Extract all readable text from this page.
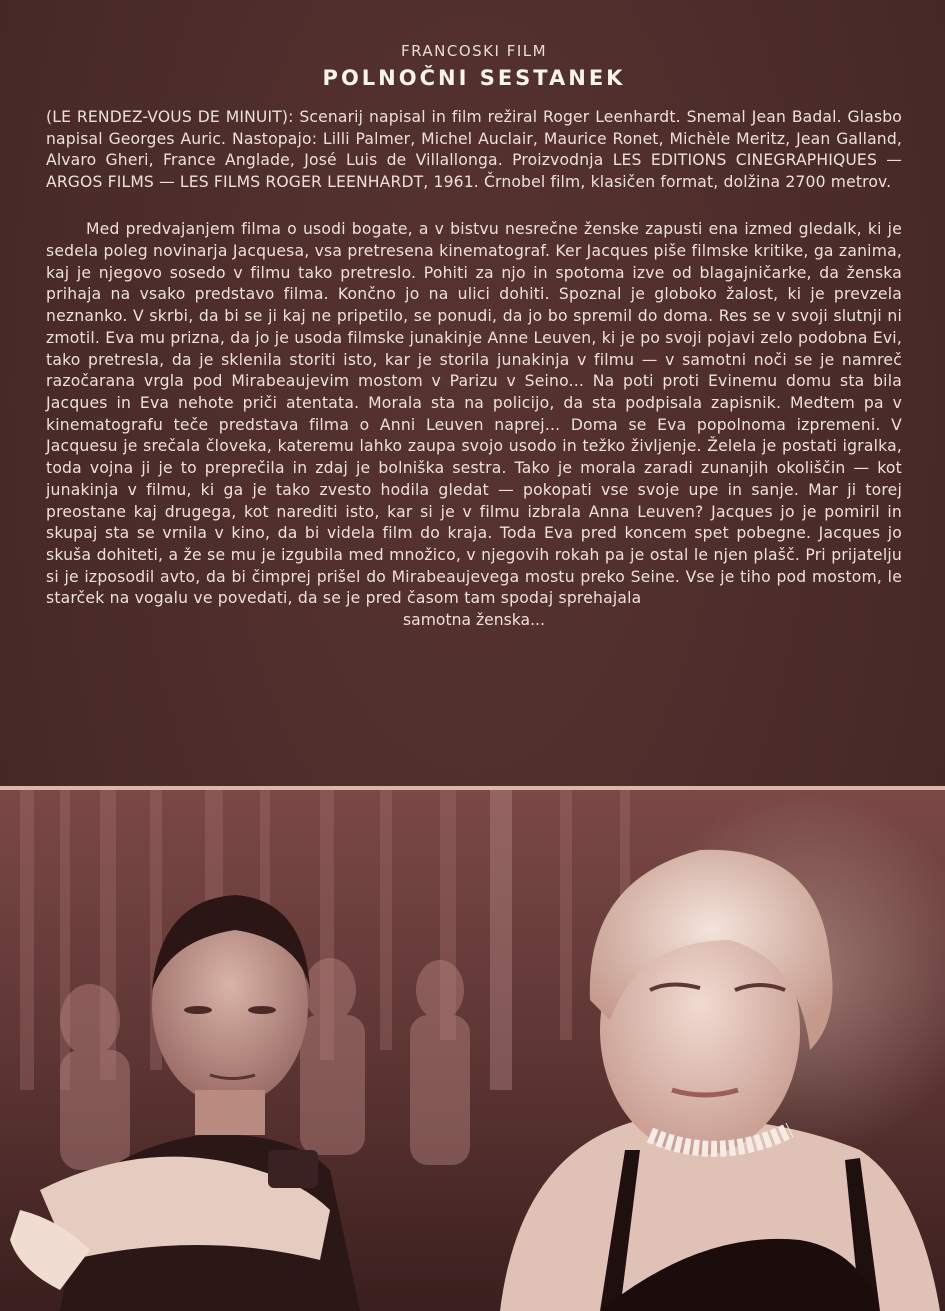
FRANCOSKI FILM
POLNOČNI SESTANEK
(LE RENDEZ-VOUS DE MINUIT): Scenarij napisal in film režiral Roger Leenhardt. Snemal Jean Badal. Glasbo napisal Georges Auric. Nastopajo: Lilli Palmer, Michel Auclair, Maurice Ronet, Michèle Meritz, Jean Galland, Alvaro Gheri, France Anglade, José Luis de Villallonga. Proizvodnja LES EDITIONS CINEGRAPHIQUES — ARGOS FILMS — LES FILMS ROGER LEENHARDT, 1961. Črnobel film, klasičen format, dolžina 2700 metrov.
Med predvajanjem filma o usodi bogate, a v bistvu nesrečne ženske zapusti ena izmed gledalk, ki je sedela poleg novinarja Jacquesa, vsa pretresena kinematograf. Ker Jacques piše filmske kritike, ga zanima, kaj je njegovo sosedo v filmu tako pretreslo. Pohiti za njo in spotoma izve od blagajničarke, da ženska prihaja na vsako predstavo filma. Končno jo na ulici dohiti. Spoznal je globoko žalost, ki je prevzela neznanko. V skrbi, da bi se ji kaj ne pripetilo, se ponudi, da jo bo spremil do doma. Res se v svoji slutnji ni zmotil. Eva mu prizna, da jo je usoda filmske junakinje Anne Leuven, ki je po svoji pojavi zelo podobna Evi, tako pretresla, da je sklenila storiti isto, kar je storila junakinja v filmu — v samotni noči se je namreč razočarana vrgla pod Mirabeaujevim mostom v Parizu v Seino... Na poti proti Evinemu domu sta bila Jacques in Eva nehote priči atentata. Morala sta na policijo, da sta podpisala zapisnik. Medtem pa v kinematografu teče predstava filma o Anni Leuven naprej... Doma se Eva popolnoma izpremeni. V Jacquesu je srečala človeka, kateremu lahko zaupa svojo usodo in težko življenje. Želela je postati igralka, toda vojna ji je to preprečila in zdaj je bolniška sestra. Tako je morala zaradi zunanjih okoliščin — kot junakinja v filmu, ki ga je tako zvesto hodila gledat — pokopati vse svoje upe in sanje. Mar ji torej preostane kaj drugega, kot narediti isto, kar si je v filmu izbrala Anna Leuven? Jacques jo je pomiril in skupaj sta se vrnila v kino, da bi videla film do kraja. Toda Eva pred koncem spet pobegne. Jacques jo skuša dohiteti, a že se mu je izgubila med množico, v njegovih rokah pa je ostal le njen plašč. Pri prijatelju si je izposodil avto, da bi čimprej prišel do Mirabeaujevega mostu preko Seine. Vse je tiho pod mostom, le starček na vogalu ve povedati, da se je pred časom tam spodaj sprehajala
samotna ženska...
